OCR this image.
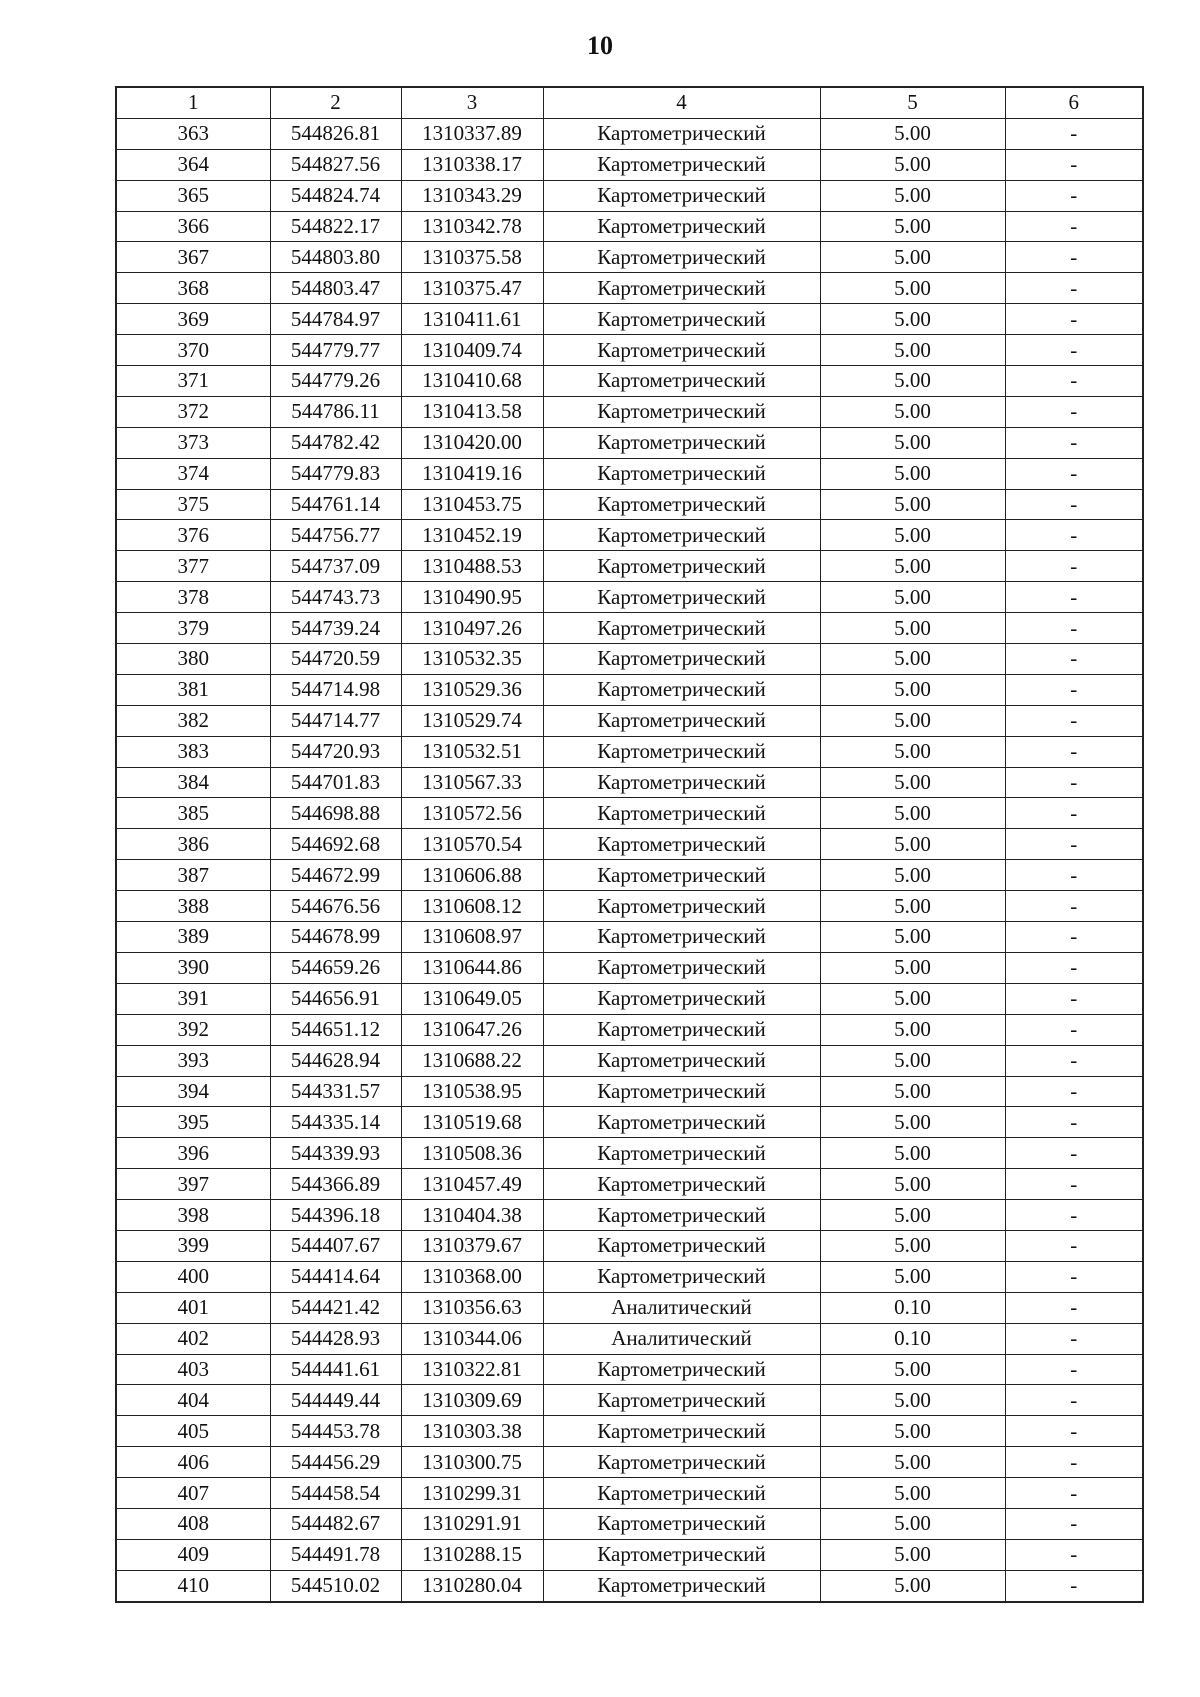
10
1	2	3	4	5	6
363	544826.81	1310337.89	Картометрический	5.00	-
364	544827.56	1310338.17	Картометрический	5.00	-
365	544824.74	1310343.29	Картометрический	5.00	-
366	544822.17	1310342.78	Картометрический	5.00	-
367	544803.80	1310375.58	Картометрический	5.00	-
368	544803.47	1310375.47	Картометрический	5.00	-
369	544784.97	1310411.61	Картометрический	5.00	-
370	544779.77	1310409.74	Картометрический	5.00	-
371	544779.26	1310410.68	Картометрический	5.00	-
372	544786.11	1310413.58	Картометрический	5.00	-
373	544782.42	1310420.00	Картометрический	5.00	-
374	544779.83	1310419.16	Картометрический	5.00	-
375	544761.14	1310453.75	Картометрический	5.00	-
376	544756.77	1310452.19	Картометрический	5.00	-
377	544737.09	1310488.53	Картометрический	5.00	-
378	544743.73	1310490.95	Картометрический	5.00	-
379	544739.24	1310497.26	Картометрический	5.00	-
380	544720.59	1310532.35	Картометрический	5.00	-
381	544714.98	1310529.36	Картометрический	5.00	-
382	544714.77	1310529.74	Картометрический	5.00	-
383	544720.93	1310532.51	Картометрический	5.00	-
384	544701.83	1310567.33	Картометрический	5.00	-
385	544698.88	1310572.56	Картометрический	5.00	-
386	544692.68	1310570.54	Картометрический	5.00	-
387	544672.99	1310606.88	Картометрический	5.00	-
388	544676.56	1310608.12	Картометрический	5.00	-
389	544678.99	1310608.97	Картометрический	5.00	-
390	544659.26	1310644.86	Картометрический	5.00	-
391	544656.91	1310649.05	Картометрический	5.00	-
392	544651.12	1310647.26	Картометрический	5.00	-
393	544628.94	1310688.22	Картометрический	5.00	-
394	544331.57	1310538.95	Картометрический	5.00	-
395	544335.14	1310519.68	Картометрический	5.00	-
396	544339.93	1310508.36	Картометрический	5.00	-
397	544366.89	1310457.49	Картометрический	5.00	-
398	544396.18	1310404.38	Картометрический	5.00	-
399	544407.67	1310379.67	Картометрический	5.00	-
400	544414.64	1310368.00	Картометрический	5.00	-
401	544421.42	1310356.63	Аналитический	0.10	-
402	544428.93	1310344.06	Аналитический	0.10	-
403	544441.61	1310322.81	Картометрический	5.00	-
404	544449.44	1310309.69	Картометрический	5.00	-
405	544453.78	1310303.38	Картометрический	5.00	-
406	544456.29	1310300.75	Картометрический	5.00	-
407	544458.54	1310299.31	Картометрический	5.00	-
408	544482.67	1310291.91	Картометрический	5.00	-
409	544491.78	1310288.15	Картометрический	5.00	-
410	544510.02	1310280.04	Картометрический	5.00	-
